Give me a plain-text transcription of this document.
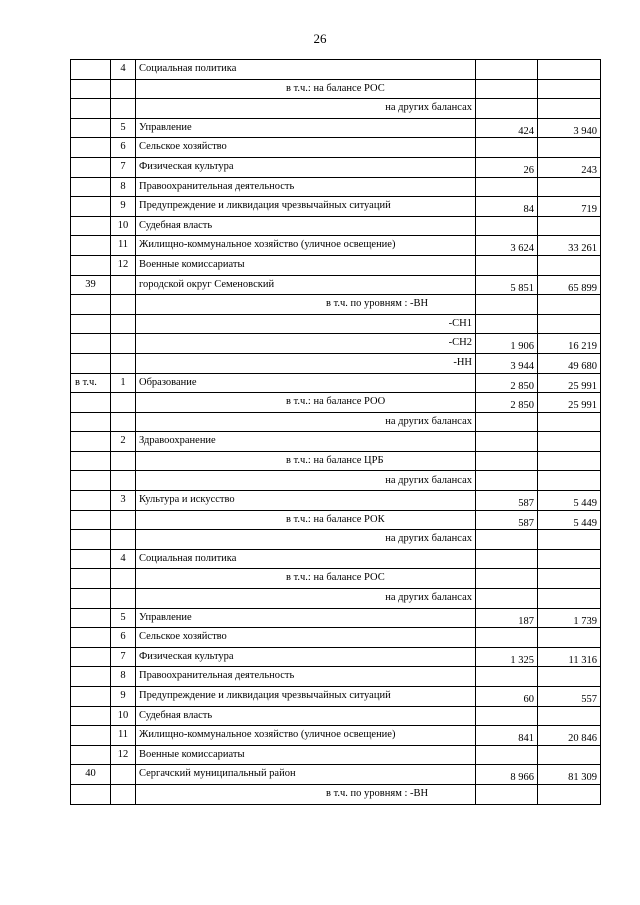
26
	4	Социальная политика		
		в т.ч.: на балансе РОС		
		на других балансах		
	5	Управление	424	3 940
	6	Сельское хозяйство		
	7	Физическая культура	26	243
	8	Правоохранительная деятельность		
	9	Предупреждение и ликвидация чрезвычайных ситуаций	84	719
	10	Судебная власть		
	11	Жилищно-коммунальное хозяйство (уличное освещение)	3 624	33 261
	12	Военные комиссариаты		
39		городской округ Семеновский	5 851	65 899
		в т.ч. по уровням : -ВН		
		-СН1		
		-СН2	1 906	16 219
		-НН	3 944	49 680
в т.ч.	1	Образование	2 850	25 991
		в т.ч.: на балансе РОО	2 850	25 991
		на других балансах		
	2	Здравоохранение		
		в т.ч.: на балансе ЦРБ		
		на других балансах		
	3	Культура и искусство	587	5 449
		в т.ч.: на балансе РОК	587	5 449
		на других балансах		
	4	Социальная политика		
		в т.ч.: на балансе РОС		
		на других балансах		
	5	Управление	187	1 739
	6	Сельское хозяйство		
	7	Физическая культура	1 325	11 316
	8	Правоохранительная деятельность		
	9	Предупреждение и ликвидация чрезвычайных ситуаций	60	557
	10	Судебная власть		
	11	Жилищно-коммунальное хозяйство (уличное освещение)	841	20 846
	12	Военные комиссариаты		
40		Сергачский муниципальный район	8 966	81 309
		в т.ч. по уровням : -ВН		
